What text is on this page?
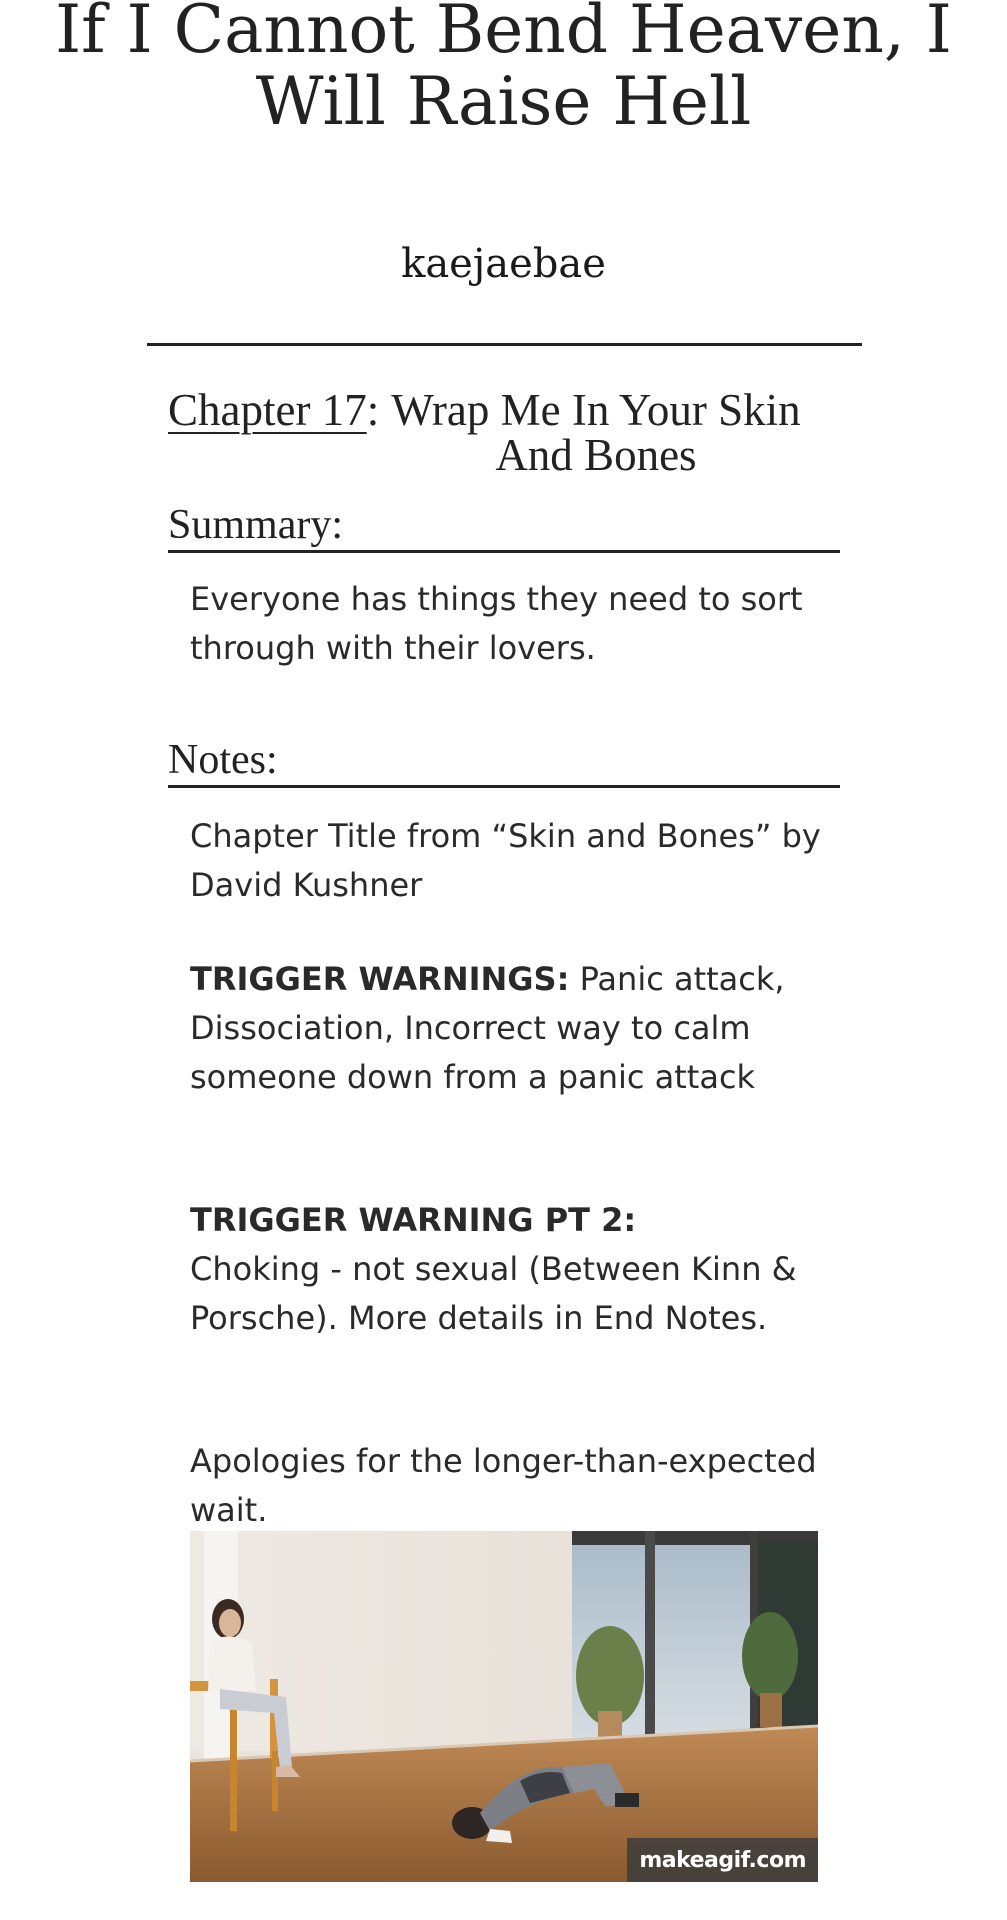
If I Cannot Bend Heaven, I Will Raise Hell
kaejaebae
Chapter 17 : Wrap Me In Your Skin
And Bones
Summary:

Everyone has things they need to sort through with their lovers.

Notes:

Chapter Title from “Skin and Bones” by David Kushner

TRIGGER WARNINGS: Panic attack, Dissociation, Incorrect way to calm someone down from a panic attack

TRIGGER WARNING PT 2:
Choking - not sexual (Between Kinn & Porsche). More details in End Notes.

Apologies for the longer-than-expected wait.

makeagif.com
